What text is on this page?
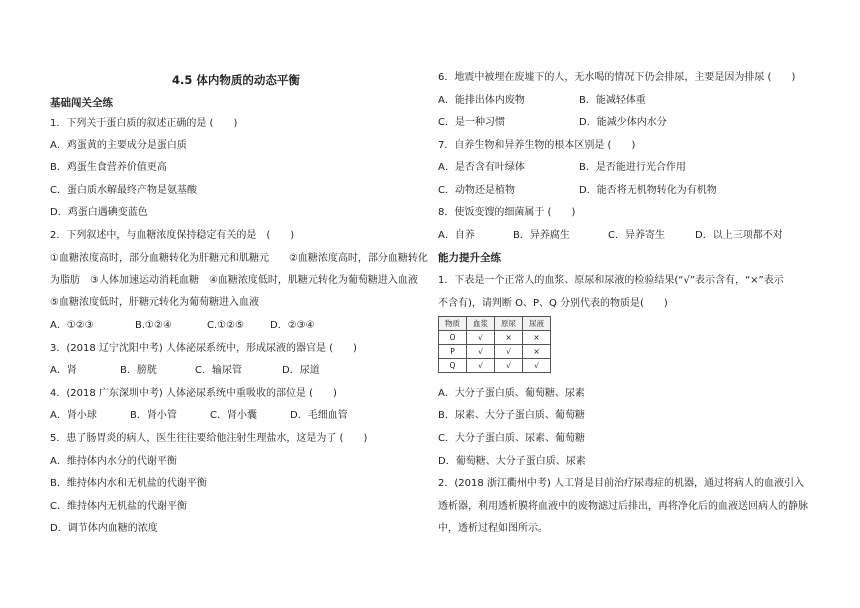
4.5 体内物质的动态平衡
基础闯关全练
1．下列关于蛋白质的叙述正确的是 (　　)
A．鸡蛋黄的主要成分是蛋白质
B．鸡蛋生食营养价值更高
C．蛋白质水解最终产物是氨基酸
D．鸡蛋白遇碘变蓝色
2．下列叙述中，与血糖浓度保持稳定有关的是　(　　)
①血糖浓度高时，部分血糖转化为肝糖元和肌糖元　　②血糖浓度高时，部分血糖转化
为脂肪　③人体加速运动消耗血糖　④血糖浓度低时，肌糖元转化为葡萄糖进入血液
⑤血糖浓度低时，肝糖元转化为葡萄糖进入血液
A．①②③	B.①②④	C.①②⑤	D．②③④
3．(2018 辽宁沈阳中考) 人体泌尿系统中，形成尿液的器官是 (　　)
A．肾	B．膀胱	C．输尿管	D．尿道
4．(2018 广东深圳中考) 人体泌尿系统中重吸收的部位是 (　　)
A．肾小球	B．肾小管	C．肾小囊	D．毛细血管
5．患了肠胃炎的病人，医生往往要给他注射生理盐水，这是为了 (　　)
A．维持体内水分的代谢平衡
B．维持体内水和无机盐的代谢平衡
C．维持体内无机盐的代谢平衡
D．调节体内血糖的浓度
6．地震中被埋在废墟下的人，无水喝的情况下仍会排尿，主要是因为排尿 (　　)
A．能排出体内废物	B．能减轻体重
C．是一种习惯	D．能减少体内水分
7．自养生物和异养生物的根本区别是 (　　)
A．是否含有叶绿体	B．是否能进行光合作用
C．动物还是植物	D．能否将无机物转化为有机物
8．使饭变馊的细菌属于 (　　)
A．自养	B．异养腐生	C．异养寄生	D．以上三项都不对
能力提升全练
1．下表是一个正常人的血浆、原尿和尿液的检验结果(“√”表示含有，“×”表示
不含有)，请判断 O、P、Q 分别代表的物质是(　　)
物质	血浆	原尿	尿液
O	√	×	×
P	√	√	×
Q	√	√	√
A．大分子蛋白质、葡萄糖、尿素
B．尿素、大分子蛋白质、葡萄糖
C．大分子蛋白质、尿素、葡萄糖
D．葡萄糖、大分子蛋白质、尿素
2．(2018 浙江衢州中考) 人工肾是目前治疗尿毒症的机器，通过将病人的血液引入
透析器，利用透析膜将血液中的废物滤过后排出，再将净化后的血液送回病人的静脉
中，透析过程如图所示。
